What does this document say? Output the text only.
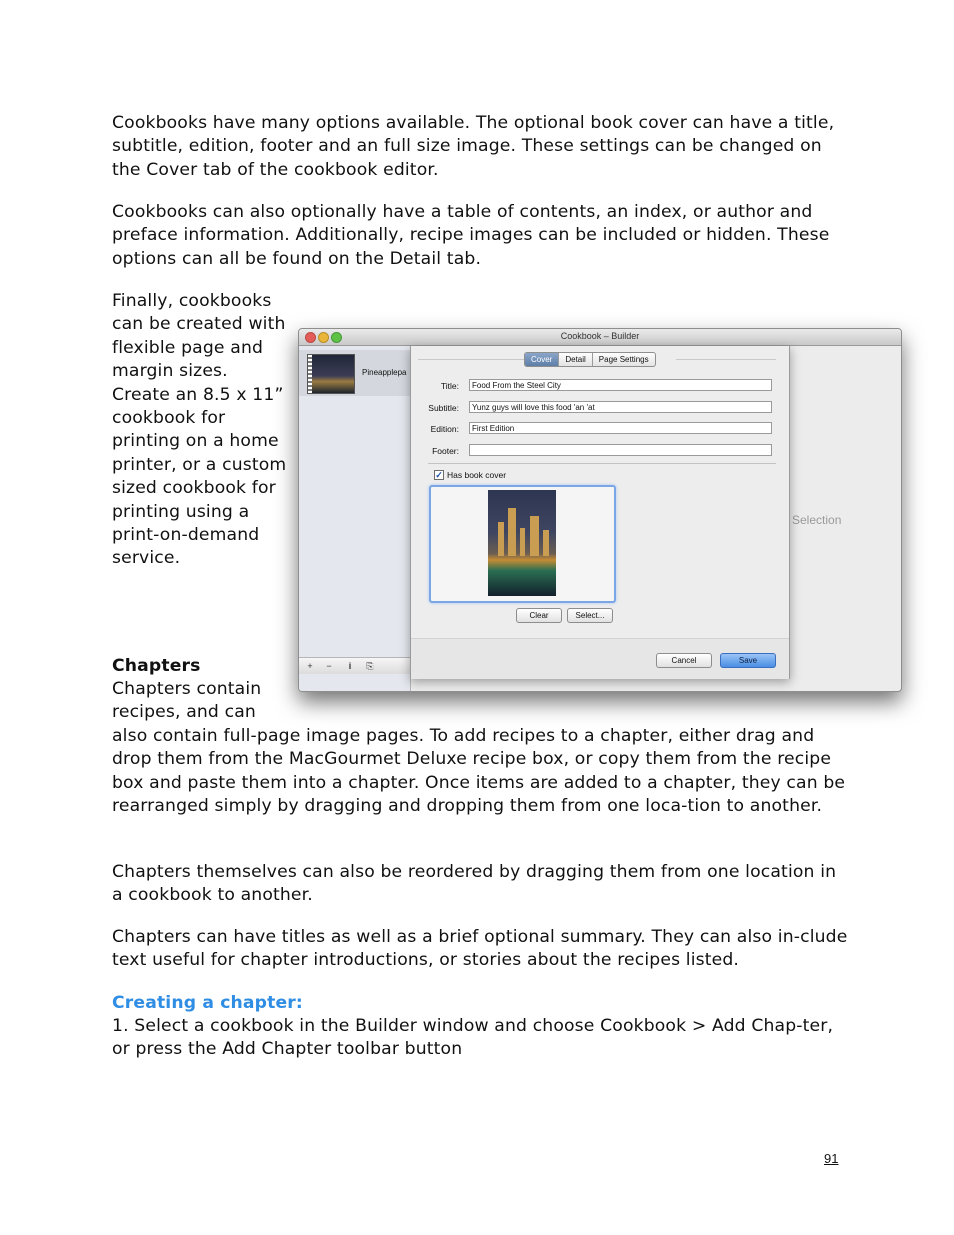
Cookbooks have many options available. The optional book cover can have a title, subtitle, edition, footer and an full size image. These settings can be changed on the Cover tab of the cookbook editor.

Cookbooks can also optionally have a table of contents, an index, or author and preface information. Additionally, recipe images can be included or hidden. These options can all be found on the Detail tab.

Finally, cookbooks can be created with flexible page and margin sizes. Create an 8.5 x 11” cookbook for printing on a home printer, or a custom sized cookbook for printing using a print-on-demand service.

Chapters

Chapters contain recipes, and can

also contain full-page image pages. To add recipes to a chapter, either drag and drop them from the MacGourmet Deluxe recipe box, or copy them from the recipe box and paste them into a chapter. Once items are added to a chapter, they can be rearranged simply by dragging and dropping them from one loca-tion to another.

Chapters themselves can also be reordered by dragging them from one location in a cookbook to another.

Chapters can have titles as well as a brief optional summary. They can also in-clude text useful for chapter introductions, or stories about the recipes listed.

Creating a chapter:

1. Select a cookbook in the Builder window and choose Cookbook > Add Chap-ter, or press the Add Chapter toolbar button

91
Cookbook – Builder
Pineapplepa
+	−	i	⎘
Selection
Cover	Detail	Page Settings
Title:	Food From the Steel City
Subtitle:	Yunz guys will love this food 'an 'at
Edition:	First Edition
Footer:
✓ Has book cover
Clear	Select...
Cancel	Save
